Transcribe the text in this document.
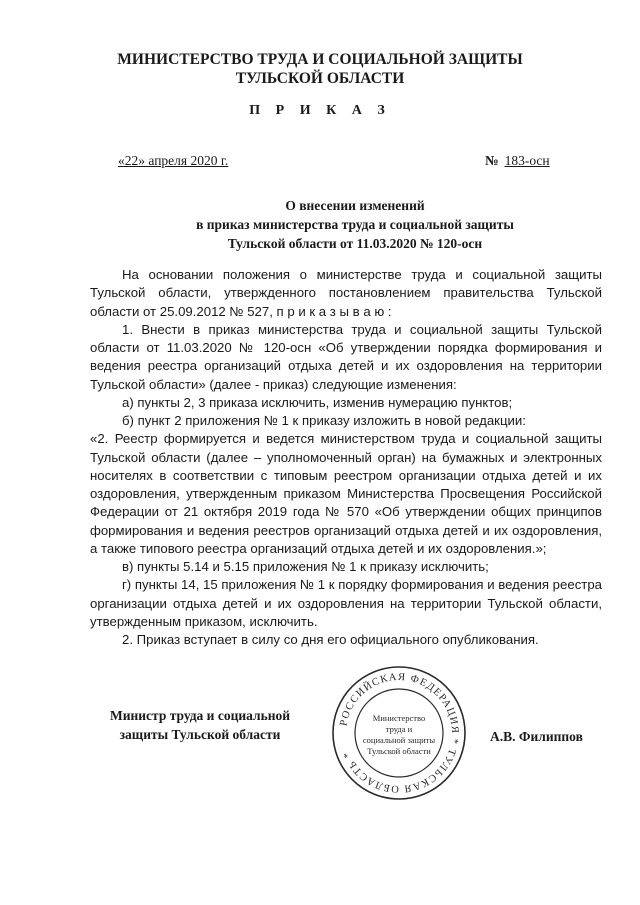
МИНИСТЕРСТВО ТРУДА И СОЦИАЛЬНОЙ ЗАЩИТЫ
ТУЛЬСКОЙ ОБЛАСТИ
П Р И К А З
«22» апреля 2020 г.	№ 183-осн
О внесении изменений
в приказ министерства труда и социальной защиты
Тульской области от 11.03.2020 № 120-осн

На основании положения о министерстве труда и социальной защиты Тульской области, утвержденного постановлением правительства Тульской области от 25.09.2012 № 527, п р и к а з ы в а ю :

1. Внести в приказ министерства труда и социальной защиты Тульской области от 11.03.2020 № 120-осн «Об утверждении порядка формирования и ведения реестра организаций отдыха детей и их оздоровления на территории Тульской области» (далее - приказ) следующие изменения:

а) пункты 2, 3 приказа исключить, изменив нумерацию пунктов;

б) пункт 2 приложения № 1 к приказу изложить в новой редакции:

«2. Реестр формируется и ведется министерством труда и социальной защиты Тульской области (далее – уполномоченный орган) на бумажных и электронных носителях в соответствии с типовым реестром организации отдыха детей и их оздоровления, утвержденным приказом Министерства Просвещения Российской Федерации от 21 октября 2019 года № 570 «Об утверждении общих принципов формирования и ведения реестров организаций отдыха детей и их оздоровления, а также типового реестра организаций отдыха детей и их оздоровления.»;

в) пункты 5.14 и 5.15 приложения № 1 к приказу исключить;

г) пункты 14, 15 приложения № 1 к порядку формирования и ведения реестра организации отдыха детей и их оздоровления на территории Тульской области, утвержденным приказом, исключить.

2. Приказ вступает в силу со дня его официального опубликования.

Министр труда и социальной
защиты Тульской области
РОССИЙСКАЯ ФЕДЕРАЦИЯ * ТУЛЬСКАЯ ОБЛАСТЬ *
Министерство
труда и
социальной защиты
Тульской области
А.В. Филиппов
